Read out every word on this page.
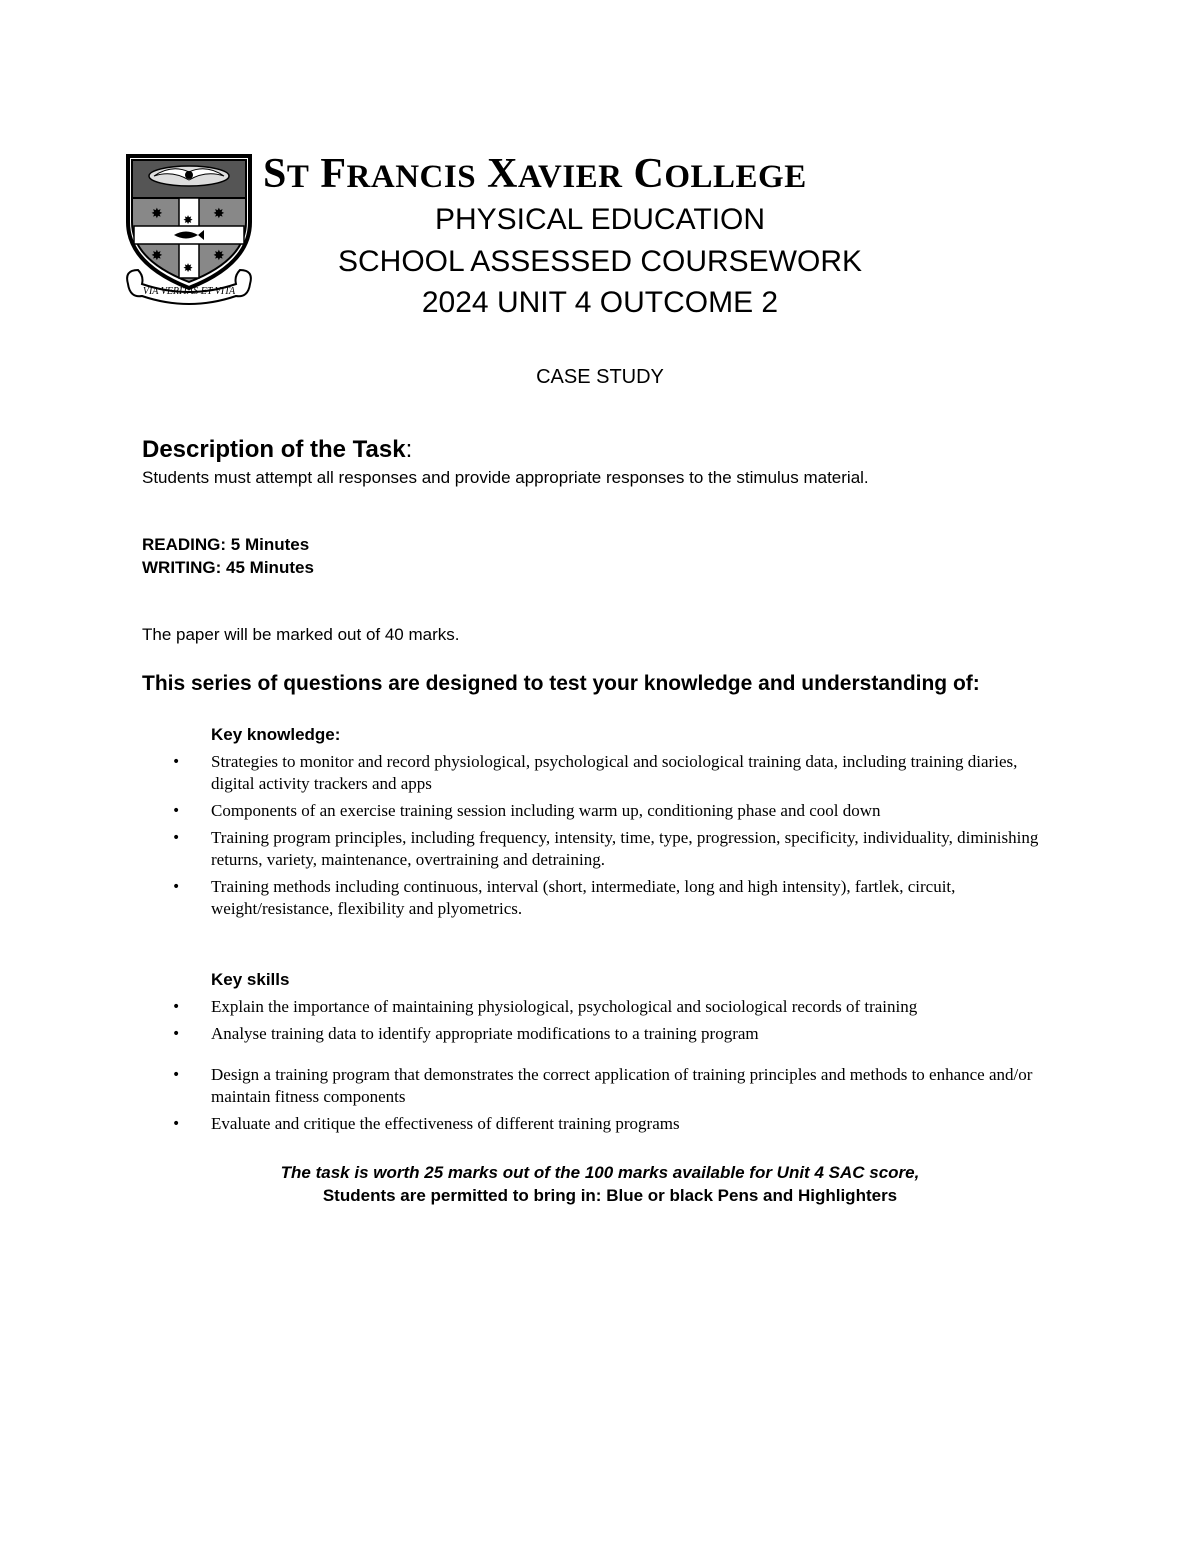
✸	✸
✸	✸
✸
✸
VIA VERITAS ET VITA
ST FRANCIS XAVIER COLLEGE
PHYSICAL EDUCATION
SCHOOL ASSESSED COURSEWORK
2024 UNIT 4 OUTCOME 2
CASE STUDY
Description of the Task:
Students must attempt all responses and provide appropriate responses to the stimulus material.
READING: 5 Minutes
WRITING: 45 Minutes
The paper will be marked out of 40 marks.
This series of questions are designed to test your knowledge and understanding of:
Key knowledge:
• Strategies to monitor and record physiological, psychological and sociological training data, including training diaries, digital activity trackers and apps
• Components of an exercise training session including warm up, conditioning phase and cool down
• Training program principles, including frequency, intensity, time, type, progression, specificity, individuality, diminishing returns, variety, maintenance, overtraining and detraining.
• Training methods including continuous, interval (short, intermediate, long and high intensity), fartlek, circuit, weight/resistance, flexibility and plyometrics.
Key skills
• Explain the importance of maintaining physiological, psychological and sociological records of training
• Analyse training data to identify appropriate modifications to a training program
• Design a training program that demonstrates the correct application of training principles and methods to enhance and/or maintain fitness components
• Evaluate and critique the effectiveness of different training programs
The task is worth 25 marks out of the 100 marks available for Unit 4 SAC score,
Students are permitted to bring in: Blue or black Pens and Highlighters
